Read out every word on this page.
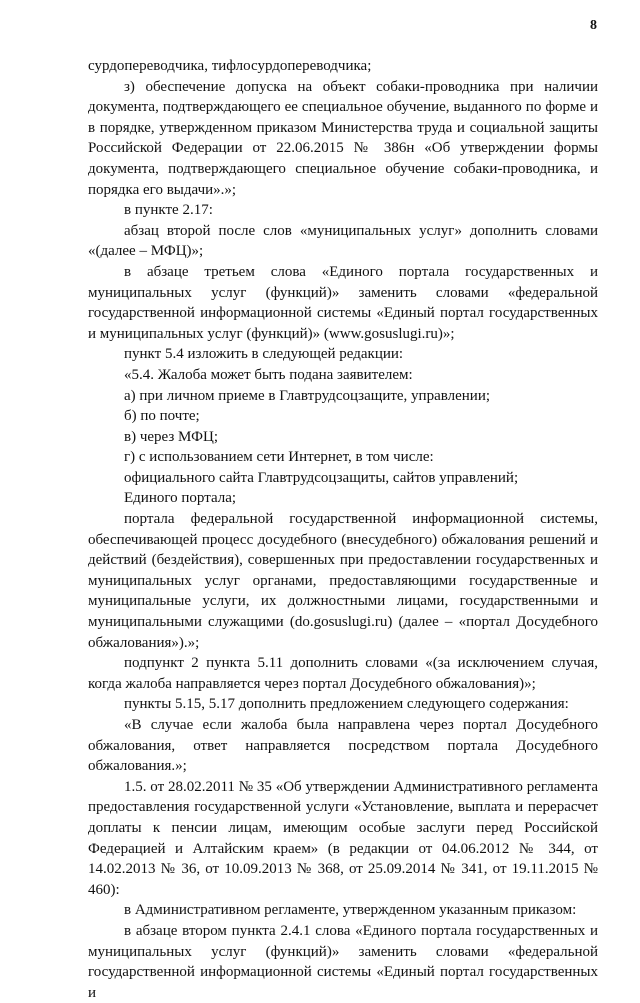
8

сурдопереводчика, тифлосурдопереводчика;

з) обеспечение допуска на объект собаки-проводника при наличии документа, подтверждающего ее специальное обучение, выданного по форме и в порядке, утвержденном приказом Министерства труда и социальной защиты Российской Федерации от 22.06.2015 № 386н «Об утверждении формы документа, подтверждающего специальное обучение собаки-проводника, и порядка его выдачи».»;

в пункте 2.17:

абзац второй после слов «муниципальных услуг» дополнить словами «(далее – МФЦ)»;

в абзаце третьем слова «Единого портала государственных и муниципальных услуг (функций)» заменить словами «федеральной государственной информационной системы «Единый портал государственных и муниципальных услуг (функций)» (www.gosuslugi.ru)»;

пункт 5.4 изложить в следующей редакции:

«5.4. Жалоба может быть подана заявителем:

а) при личном приеме в Главтрудсоцзащите, управлении;

б) по почте;

в) через МФЦ;

г) с использованием сети Интернет, в том числе:

официального сайта Главтрудсоцзащиты, сайтов управлений;

Единого портала;

портала федеральной государственной информационной системы, обеспечивающей процесс досудебного (внесудебного) обжалования решений и действий (бездействия), совершенных при предоставлении государственных и муниципальных услуг органами, предоставляющими государственные и муниципальные услуги, их должностными лицами, государственными и муниципальными служащими (do.gosuslugi.ru) (далее – «портал Досудебного обжалования»).»;

подпункт 2 пункта 5.11 дополнить словами «(за исключением случая, когда жалоба направляется через портал Досудебного обжалования)»;

пункты 5.15, 5.17 дополнить предложением следующего содержания:

«В случае если жалоба была направлена через портал Досудебного обжалования, ответ направляется посредством портала Досудебного обжалования.»;

1.5. от 28.02.2011 № 35 «Об утверждении Административного регламента предоставления государственной услуги «Установление, выплата и перерасчет доплаты к пенсии лицам, имеющим особые заслуги перед Российской Федерацией и Алтайским краем» (в редакции от 04.06.2012 № 344, от 14.02.2013 № 36, от 10.09.2013 № 368, от 25.09.2014 № 341, от 19.11.2015 № 460):

в Административном регламенте, утвержденном указанным приказом:

в абзаце втором пункта 2.4.1 слова «Единого портала государственных и муниципальных услуг (функций)» заменить словами «федеральной государственной информационной системы «Единый портал государственных и
